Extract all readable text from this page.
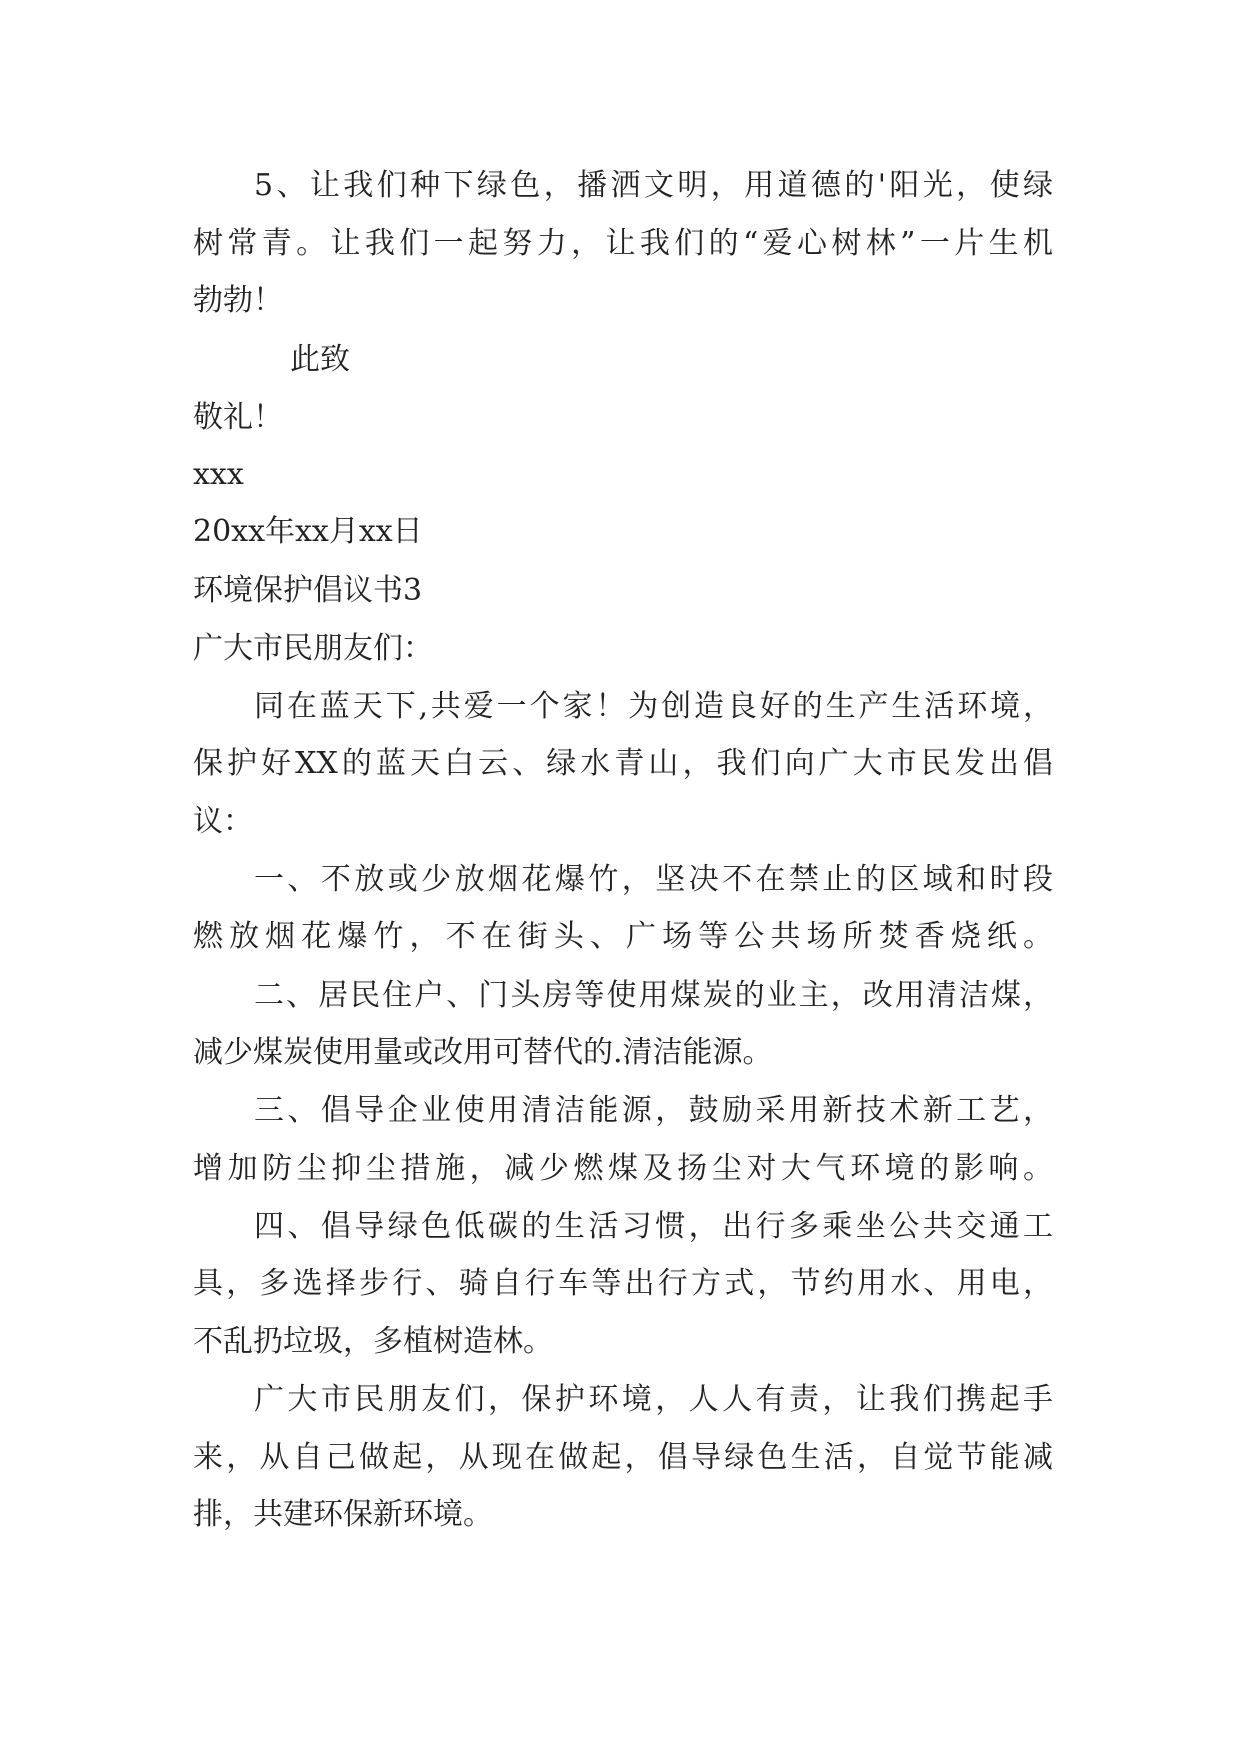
5、让我们种下绿色，播洒文明，用道德的'阳光，使绿

树常青。让我们一起努力，让我们的“爱心树林”一片生机

勃勃！

此致

敬礼！

xxx

20xx年xx月xx日

环境保护倡议书3

广大市民朋友们：

同在蓝天下,共爱一个家！为创造良好的生产生活环境，

保护好XX的蓝天白云、绿水青山，我们向广大市民发出倡

议：

一、不放或少放烟花爆竹，坚决不在禁止的区域和时段

燃放烟花爆竹，不在街头、广场等公共场所焚香烧纸。

二、居民住户、门头房等使用煤炭的业主，改用清洁煤，

减少煤炭使用量或改用可替代的.清洁能源。

三、倡导企业使用清洁能源，鼓励采用新技术新工艺，

增加防尘抑尘措施，减少燃煤及扬尘对大气环境的影响。

四、倡导绿色低碳的生活习惯，出行多乘坐公共交通工

具，多选择步行、骑自行车等出行方式，节约用水、用电，

不乱扔垃圾，多植树造林。

广大市民朋友们，保护环境，人人有责，让我们携起手

来，从自己做起，从现在做起，倡导绿色生活，自觉节能减

排，共建环保新环境。
